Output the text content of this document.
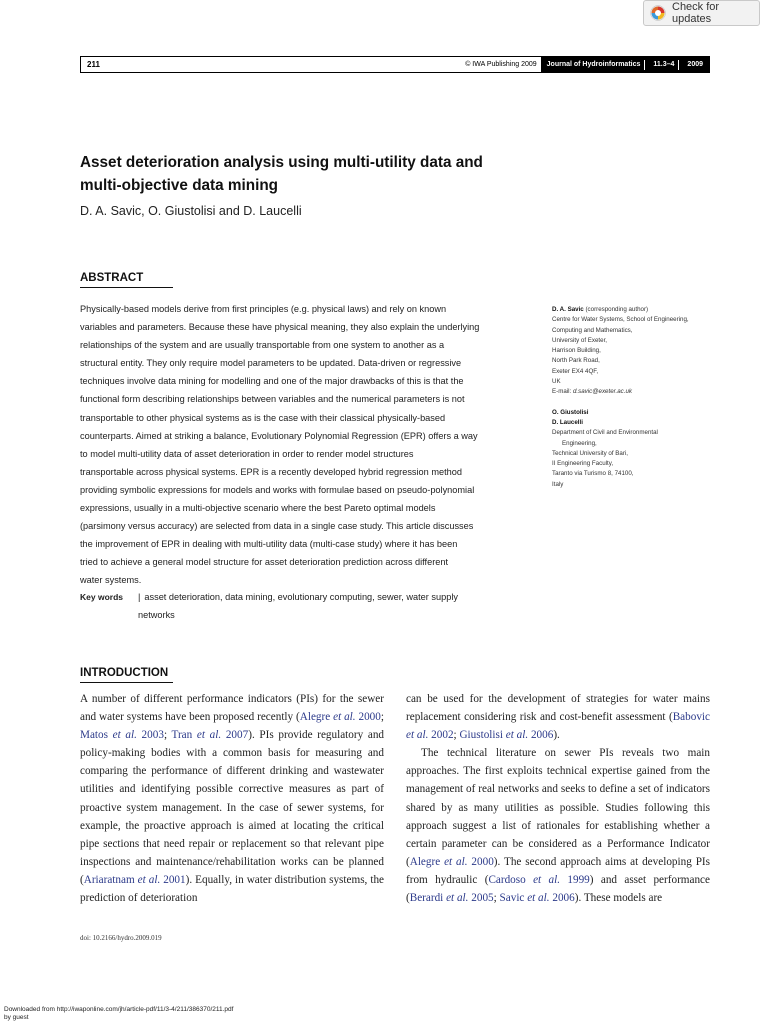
Check for updates
211	© IWA Publishing 2009 Journal of Hydroinformatics 11.3–4 2009
Asset deterioration analysis using multi-utility data and
multi-objective data mining
D. A. Savic, O. Giustolisi and D. Laucelli
ABSTRACT
Physically-based models derive from first principles (e.g. physical laws) and rely on known
variables and parameters. Because these have physical meaning, they also explain the underlying
relationships of the system and are usually transportable from one system to another as a
structural entity. They only require model parameters to be updated. Data-driven or regressive
techniques involve data mining for modelling and one of the major drawbacks of this is that the
functional form describing relationships between variables and the numerical parameters is not
transportable to other physical systems as is the case with their classical physically-based
counterparts. Aimed at striking a balance, Evolutionary Polynomial Regression (EPR) offers a way
to model multi-utility data of asset deterioration in order to render model structures
transportable across physical systems. EPR is a recently developed hybrid regression method
providing symbolic expressions for models and works with formulae based on pseudo-polynomial
expressions, usually in a multi-objective scenario where the best Pareto optimal models
(parsimony versus accuracy) are selected from data in a single case study. This article discusses
the improvement of EPR in dealing with multi-utility data (multi-case study) where it has been
tried to achieve a general model structure for asset deterioration prediction across different
water systems.
Key words	| asset deterioration, data mining, evolutionary computing, sewer, water supply
networks

D. A. Savic (corresponding author)

Centre for Water Systems, School of Engineering,

Computing and Mathematics,

University of Exeter,

Harrison Building,

North Park Road,

Exeter EX4 4QF,

UK

E-mail: d.savic@exeter.ac.uk

O. Giustolisi

D. Laucelli

Department of Civil and Environmental

Engineering,

Technical University of Bari,

II Engineering Faculty,

Taranto via Turismo 8, 74100,

Italy

INTRODUCTION
A number of different performance indicators (PIs) for the sewer and water systems have been proposed recently (Alegre et al. 2000; Matos et al. 2003; Tran et al. 2007). PIs provide regulatory and policy-making bodies with a common basis for measuring and comparing the performance of different drinking and wastewater utilities and identifying possible corrective measures as part of proactive system management. In the case of sewer systems, for example, the proactive approach is aimed at locating the critical pipe sections that need repair or replacement so that relevant pipe inspections and maintenance/rehabilitation works can be planned (Ariaratnam et al. 2001). Equally, in water distribution systems, the prediction of deterioration
can be used for the development of strategies for water mains replacement considering risk and cost-benefit assessment (Babovic et al. 2002; Giustolisi et al. 2006).
The technical literature on sewer PIs reveals two main approaches. The first exploits technical expertise gained from the management of real networks and seeks to define a set of indicators shared by as many utilities as possible. Studies following this approach suggest a list of rationales for establishing whether a certain parameter can be considered as a Performance Indicator (Alegre et al. 2000). The second approach aims at developing PIs from hydraulic (Cardoso et al. 1999) and asset performance (Berardi et al. 2005; Savic et al. 2006). These models are
doi: 10.2166/hydro.2009.019
Downloaded from http://iwaponline.com/jh/article-pdf/11/3-4/211/386370/211.pdf
by guest
